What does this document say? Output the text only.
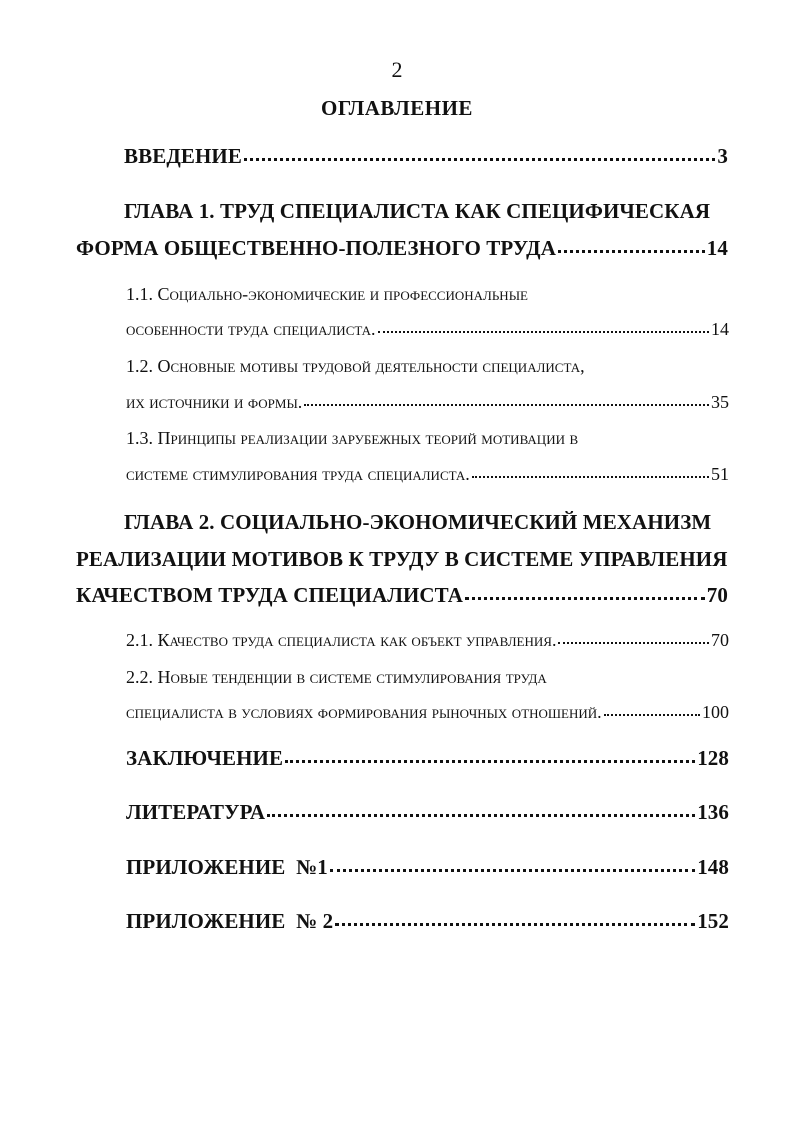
2
ОГЛАВЛЕНИЕ
ВВЕДЕНИЕ	3
ГЛАВА 1. ТРУД СПЕЦИАЛИСТА КАК СПЕЦИФИЧЕСКАЯ
ФОРМА ОБЩЕСТВЕННО-ПОЛЕЗНОГО ТРУДА	14
1.1. Социально-экономические и профессиональные
особенности труда специалиста.	14
1.2. Основные мотивы трудовой деятельности специалиста,
их источники и формы.	35
1.3. Принципы реализации зарубежных теорий мотивации в
системе стимулирования труда специалиста.	51
ГЛАВА 2. СОЦИАЛЬНО-ЭКОНОМИЧЕСКИЙ МЕХАНИЗМ
РЕАЛИЗАЦИИ МОТИВОВ К ТРУДУ В СИСТЕМЕ УПРАВЛЕНИЯ
КАЧЕСТВОМ ТРУДА СПЕЦИАЛИСТА	70
2.1. Качество труда специалиста как объект управления.	70
2.2. Новые тенденции в системе стимулирования труда
специалиста в условиях формирования рыночных отношений.	100
ЗАКЛЮЧЕНИЕ	128
ЛИТЕРАТУРА	136
ПРИЛОЖЕНИЕ  №1	148
ПРИЛОЖЕНИЕ  № 2	152
